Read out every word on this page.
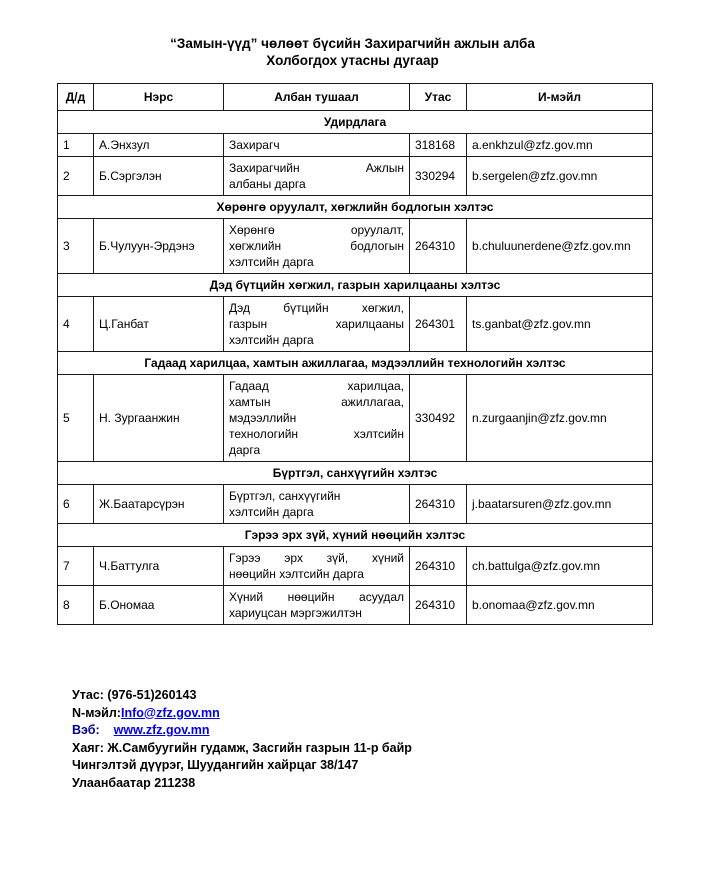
“Замын-үүд” чөлөөт бүсийн Захирагчийн ажлын алба
Холбогдох утасны дугаар
Д/д	Нэрс	Албан тушаал	Утас	И-мэйл
Удирдлага				
1	А.Энхзул	Захирагч	318168	a.enkhzul@zfz.gov.mn
2	Б.Сэргэлэн	Захирагчийн Ажлын
албаны дарга	330294	b.sergelen@zfz.gov.mn
Хөрөнгө оруулалт, хөгжлийн бодлогын хэлтэс				
3	Б.Чулуун-Эрдэнэ	Хөрөнгө оруулалт,
хөгжлийн бодлогын
хэлтсийн дарга	264310	b.chuluunerdene@zfz.gov.mn
Дэд бүтцийн хөгжил, газрын харилцааны хэлтэс				
4	Ц.Ганбат	Дэд бүтцийн хөгжил,
газрын харилцааны
хэлтсийн дарга	264301	ts.ganbat@zfz.gov.mn
Гадаад харилцаа, хамтын ажиллагаа, мэдээллийн технологийн хэлтэс				
5	Н. Зургаанжин	Гадаад харилцаа,
хамтын ажиллагаа,
мэдээллийн
технологийн хэлтсийн
дарга	330492	n.zurgaanjin@zfz.gov.mn
Бүртгэл, санхүүгийн хэлтэс				
6	Ж.Баатарсүрэн	Бүртгэл, санхүүгийн
хэлтсийн дарга	264310	j.baatarsuren@zfz.gov.mn
Гэрээ эрх зүй, хүний нөөцийн хэлтэс				
7	Ч.Баттулга	Гэрээ эрх зүй, хүний
нөөцийн хэлтсийн дарга	264310	ch.battulga@zfz.gov.mn
8	Б.Ономаа	Хүний нөөцийн асуудал
хариуцсан мэргэжилтэн	264310	b.onomaa@zfz.gov.mn
Утас: (976-51)260143
N-мэйл:Info@zfz.gov.mn
Вэб: www.zfz.gov.mn
Хаяг: Ж.Самбуугийн гудамж, Засгийн газрын 11-р байр
Чингэлтэй дүүрэг, Шуудангийн хайрцаг 38/147
Улаанбаатар 211238
